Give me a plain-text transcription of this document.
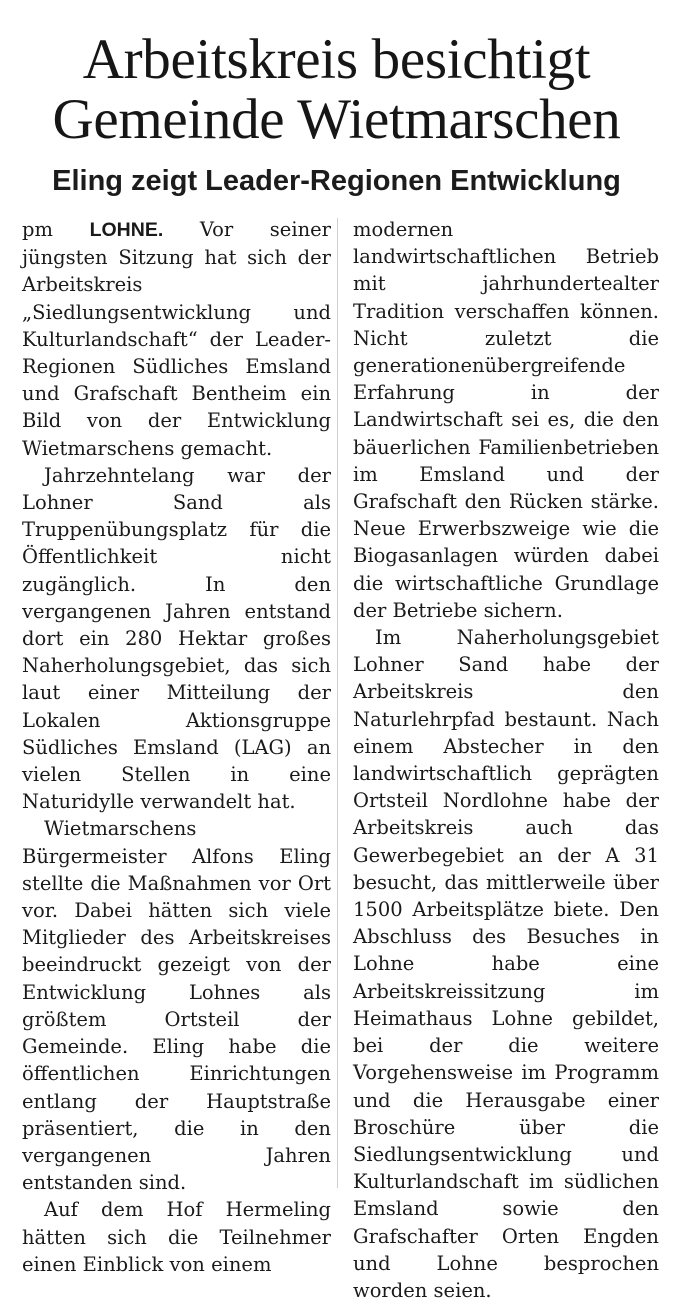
Arbeitskreis besichtigt
Gemeinde Wietmarschen
Eling zeigt Leader-Regionen Entwicklung

pm LOHNE. Vor seiner jüngsten Sitzung hat sich der Arbeitskreis „Siedlungsentwicklung und Kulturlandschaft“ der Leader-Regionen Südliches Emsland und Grafschaft Bentheim ein Bild von der Entwicklung Wietmarschens gemacht.

Jahrzehntelang war der Lohner Sand als Truppenübungsplatz für die Öffentlichkeit nicht zugänglich. In den vergangenen Jahren entstand dort ein 280 Hektar großes Naherholungsgebiet, das sich laut einer Mitteilung der Lokalen Aktionsgruppe Südliches Emsland (LAG) an vielen Stellen in eine Naturidylle verwandelt hat.

Wietmarschens Bürgermeister Alfons Eling stellte die Maßnahmen vor Ort vor. Dabei hätten sich viele Mitglieder des Arbeitskreises beeindruckt gezeigt von der Entwicklung Lohnes als größtem Ortsteil der Gemeinde. Eling habe die öffentlichen Einrichtungen entlang der Hauptstraße präsentiert, die in den vergangenen Jahren entstanden sind.

Auf dem Hof Hermeling hätten sich die Teilnehmer einen Einblick von einem

modernen landwirtschaftlichen Betrieb mit jahrhundertealter Tradition verschaffen können. Nicht zuletzt die generationenübergreifende Erfahrung in der Landwirtschaft sei es, die den bäuerlichen Familienbetrieben im Emsland und der Grafschaft den Rücken stärke. Neue Erwerbszweige wie die Biogasanlagen würden dabei die wirtschaftliche Grundlage der Betriebe sichern.

Im Naherholungsgebiet Lohner Sand habe der Arbeitskreis den Naturlehrpfad bestaunt. Nach einem Abstecher in den landwirtschaftlich geprägten Ortsteil Nordlohne habe der Arbeitskreis auch das Gewerbegebiet an der A 31 besucht, das mittlerweile über 1500 Arbeitsplätze biete. Den Abschluss des Besuches in Lohne habe eine Arbeitskreissitzung im Heimathaus Lohne gebildet, bei der die weitere Vorgehensweise im Programm und die Herausgabe einer Broschüre über die Siedlungsentwicklung und Kulturlandschaft im südlichen Emsland sowie den Grafschafter Orten Engden und Lohne besprochen worden seien.
